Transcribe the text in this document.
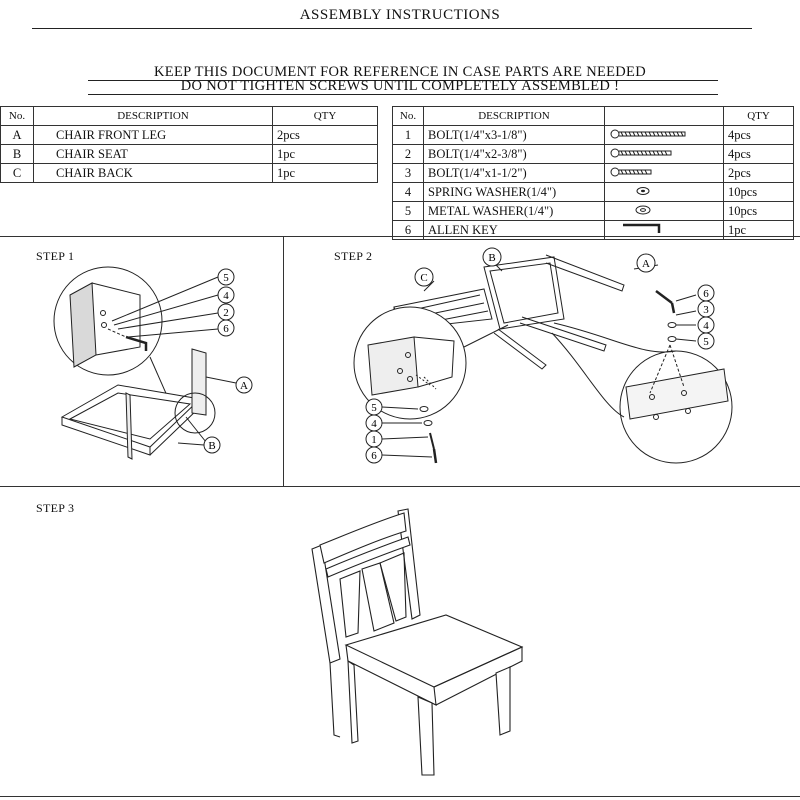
ASSEMBLY INSTRUCTIONS
KEEP THIS DOCUMENT FOR REFERENCE IN CASE PARTS ARE NEEDED
DO NOT TIGHTEN SCREWS UNTIL COMPLETELY ASSEMBLED !
No.	DESCRIPTION	QTY
A	CHAIR FRONT LEG	2pcs
B	CHAIR SEAT	1pc
C	CHAIR BACK	1pc
No.	DESCRIPTION		QTY
1	BOLT(1/4"x3-1/8")		4pcs
2	BOLT(1/4"x2-3/8")		4pcs
3	BOLT(1/4"x1-1/2")		2pcs
4	SPRING WASHER(1/4")		10pcs
5	METAL WASHER(1/4")		10pcs
6	ALLEN KEY		1pc
STEP 1
5
4
2
6
A
B
STEP 2
C
B	A
6
3
4
5
5
4
1
6
STEP 3
